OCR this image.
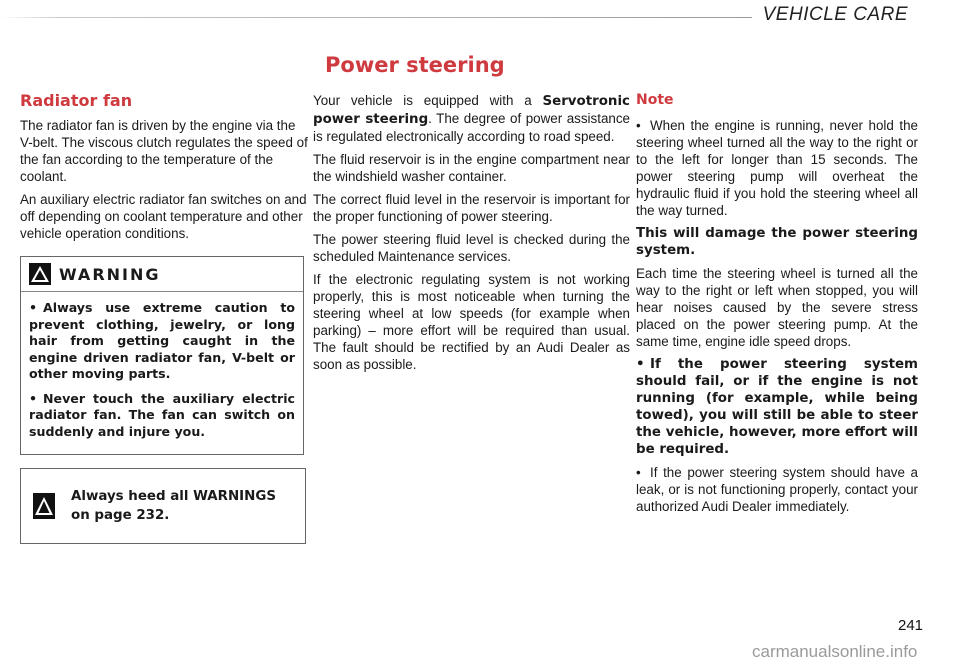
VEHICLE CARE
Power steering
Radiator fan

The radiator fan is driven by the engine via the V-belt. The viscous clutch regulates the speed of the fan according to the temperature of the coolant.

An auxiliary electric radiator fan switches on and off depending on coolant temperature and other vehicle operation conditions.

WARNING

• Always use extreme caution to prevent clothing, jewelry, or long hair from getting caught in the engine driven radiator fan, V-belt or other moving parts.

• Never touch the auxiliary electric radiator fan. The fan can switch on suddenly and injure you.

Always heed all WARNINGS
on page 232.

Your vehicle is equipped with a Servotronic power steering. The degree of power assistance is regulated electronically according to road speed.

The fluid reservoir is in the engine compartment near the windshield washer container.

The correct fluid level in the reservoir is important for the proper functioning of power steering.

The power steering fluid level is checked during the scheduled Maintenance services.

If the electronic regulating system is not working properly, this is most noticeable when turning the steering wheel at low speeds (for example when parking) – more effort will be required than usual. The fault should be rectified by an Audi Dealer as soon as possible.

Note

• When the engine is running, never hold the steering wheel turned all the way to the right or to the left for longer than 15 seconds. The power steering pump will overheat the hydraulic fluid if you hold the steering wheel all the way turned.

This will damage the power steering system.

Each time the steering wheel is turned all the way to the right or left when stopped, you will hear noises caused by the severe stress placed on the power steering pump. At the same time, engine idle speed drops.

• If the power steering system should fail, or if the engine is not running (for example, while being towed), you will still be able to steer the vehicle, however, more effort will be required.

• If the power steering system should have a leak, or is not functioning properly, contact your authorized Audi Dealer immediately.

241
carmanualsonline.info
